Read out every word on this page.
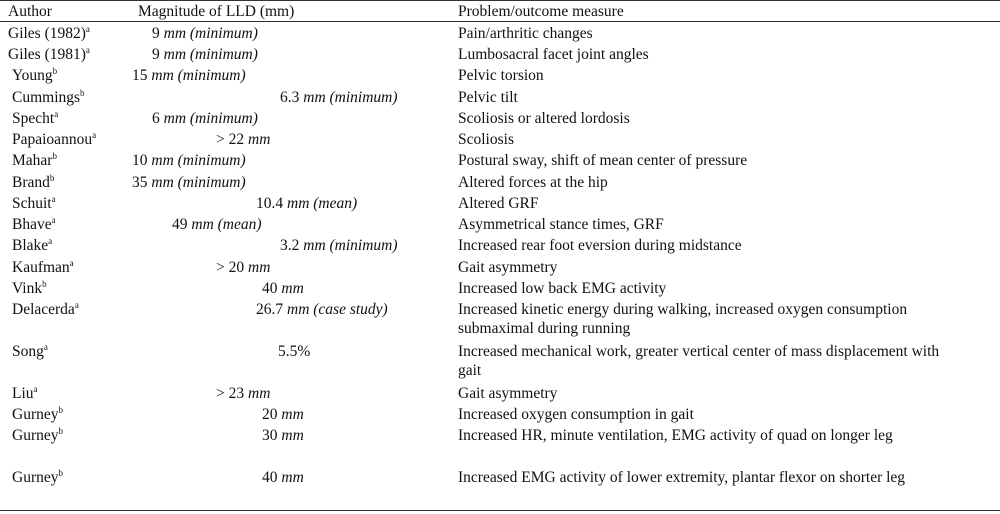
Author	Magnitude of LLD (mm)	Problem/outcome measure
Giles $(1982)^a$	9 mm (minimum)	Pain/arthritic changes
Giles $(1981)^a$	9 mm (minimum)	Lumbosacral facet joint angles
Young$^b$	15 mm (minimum)	Pelvic torsion
Cummings$^b$	6.3 mm (minimum)	Pelvic tilt
Specht$^a$	6 mm (minimum)	Scoliosis or altered lordosis
Papaioannou$^a$	> 22 mm	Scoliosis
Mahar$^b$	10 mm (minimum)	Postural sway, shift of mean center of pressure
Brand$^b$	35 mm (minimum)	Altered forces at the hip
Schuit$^a$	10.4 mm (mean)	Altered GRF
Bhave$^a$	49 mm (mean)	Asymmetrical stance times, GRF
Blake$^a$	3.2 mm (minimum)	Increased rear foot eversion during midstance
Kaufman$^a$	> 20 mm	Gait asymmetry
Vink$^b$	40 mm	Increased low back EMG activity
Delacerda$^a$	26.7 mm (case study)	Increased kinetic energy during walking, increased oxygen consumption submaximal during running
Song$^a$	5.5%	Increased mechanical work, greater vertical center of mass displacement with gait
Liu$^a$	> 23 mm	Gait asymmetry
Gurney$^b$	20 mm	Increased oxygen consumption in gait
Gurney$^b$	30 mm	Increased HR, minute ventilation, EMG activity of quad on longer leg
Gurney$^b$	40 mm	Increased EMG activity of lower extremity, plantar flexor on shorter leg
